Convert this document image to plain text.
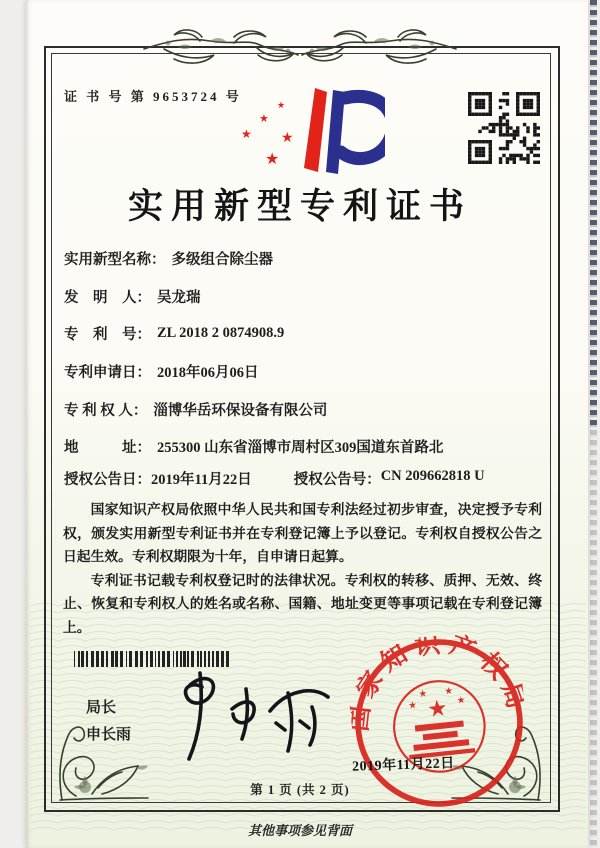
证 书 号 第 9653724 号
★
★
★ ★
★
实用新型专利证书
实用新型名称： 多级组合除尘器
发　明　人： 吴龙瑞
专　利　号： ZL 2018 2 0874908.9
专利申请日： 2018年06月06日
专 利 权 人： 淄博华岳环保设备有限公司
地　　　址： 255300 山东省淄博市周村区309国道东首路北
授权公告日： 2019年11月22日	授权公告号： CN 209662818 U

国家知识产权局依照中华人民共和国专利法经过初步审查，决定授予专利权，颁发实用新型专利证书并在专利登记簿上予以登记。专利权自授权公告之日起生效。专利权期限为十年，自申请日起算。

专利证书记载专利权登记时的法律状况。专利权的转移、质押、无效、终止、恢复和专利权人的姓名或名称、国籍、地址变更等事项记载在专利登记簿上。

局长
申长雨
国家知识产权局
★
★
★ ★
★
2019年11月22日
第 1 页 (共 2 页)
其他事项参见背面
